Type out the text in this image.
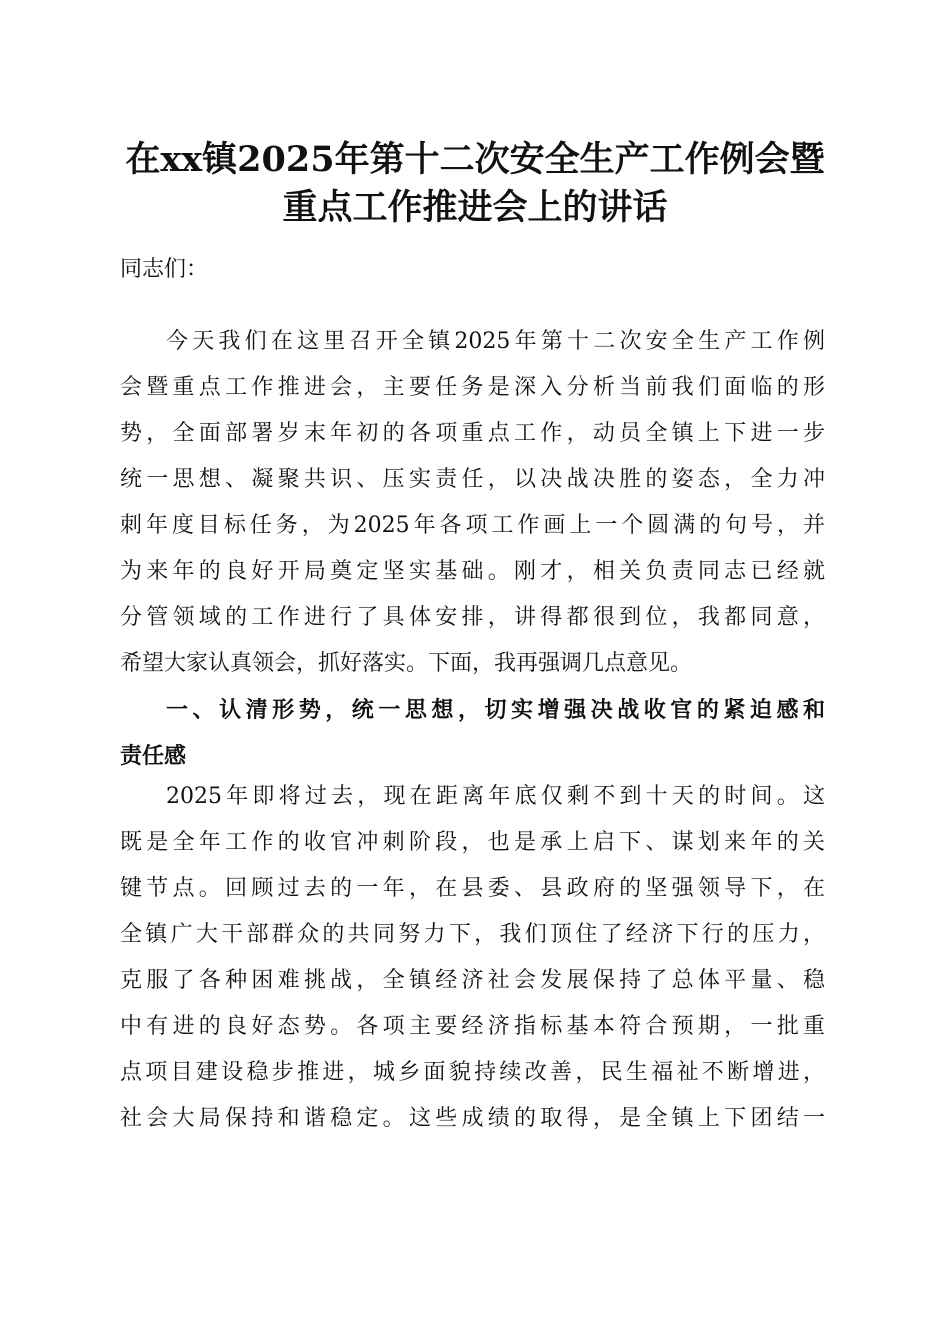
在xx镇2025年第十二次安全生产工作例会暨
重点工作推进会上的讲话
同志们：
今天我们在这里召开全镇2025年第十二次安全生产工作例
会暨重点工作推进会，主要任务是深入分析当前我们面临的形
势，全面部署岁末年初的各项重点工作，动员全镇上下进一步
统一思想、凝聚共识、压实责任，以决战决胜的姿态，全力冲
刺年度目标任务，为2025年各项工作画上一个圆满的句号，并
为来年的良好开局奠定坚实基础。刚才，相关负责同志已经就
分管领域的工作进行了具体安排，讲得都很到位，我都同意，
希望大家认真领会，抓好落实。下面，我再强调几点意见。
一、认清形势，统一思想，切实增强决战收官的紧迫感和
责任感
2025年即将过去，现在距离年底仅剩不到十天的时间。这
既是全年工作的收官冲刺阶段，也是承上启下、谋划来年的关
键节点。回顾过去的一年，在县委、县政府的坚强领导下，在
全镇广大干部群众的共同努力下，我们顶住了经济下行的压力，
克服了各种困难挑战，全镇经济社会发展保持了总体平量、稳
中有进的良好态势。各项主要经济指标基本符合预期，一批重
点项目建设稳步推进，城乡面貌持续改善，民生福祉不断增进，
社会大局保持和谐稳定。这些成绩的取得，是全镇上下团结一
